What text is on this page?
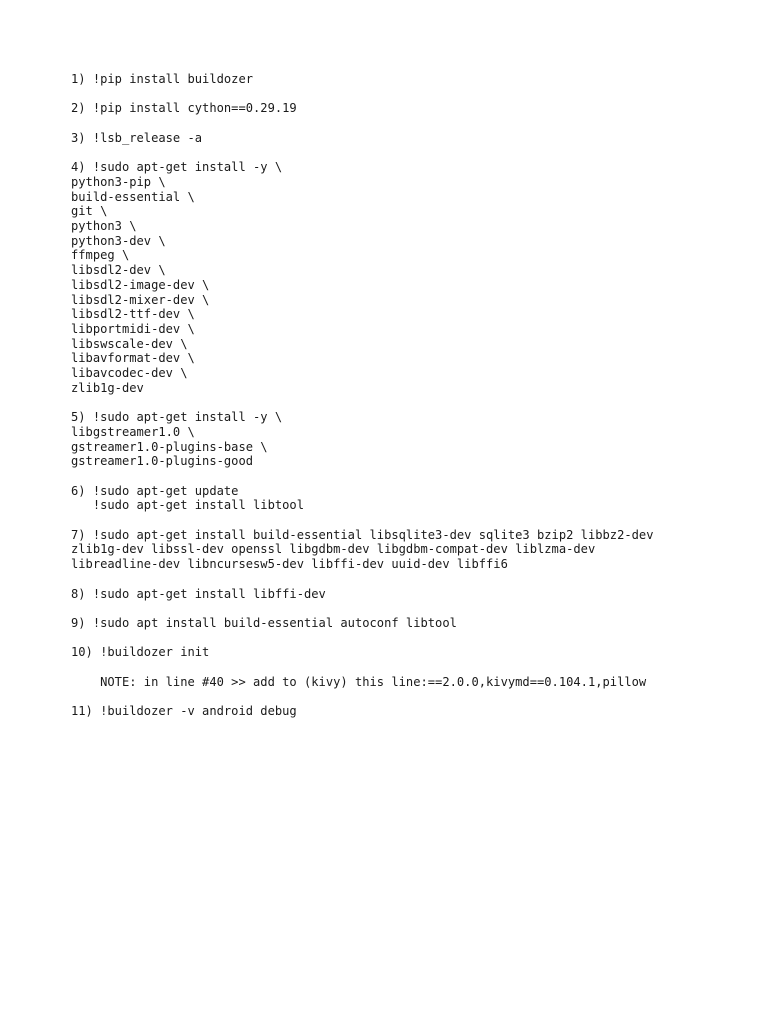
1) !pip install buildozer
2) !pip install cython==0.29.19
3) !lsb_release -a
4) !sudo apt-get install -y \
python3-pip \
build-essential \
git \
python3 \
python3-dev \
ffmpeg \
libsdl2-dev \
libsdl2-image-dev \
libsdl2-mixer-dev \
libsdl2-ttf-dev \
libportmidi-dev \
libswscale-dev \
libavformat-dev \
libavcodec-dev \
zlib1g-dev
5) !sudo apt-get install -y \
libgstreamer1.0 \
gstreamer1.0-plugins-base \
gstreamer1.0-plugins-good
6) !sudo apt-get update
!sudo apt-get install libtool
7) !sudo apt-get install build-essential libsqlite3-dev sqlite3 bzip2 libbz2-dev
zlib1g-dev libssl-dev openssl libgdbm-dev libgdbm-compat-dev liblzma-dev
libreadline-dev libncursesw5-dev libffi-dev uuid-dev libffi6
8) !sudo apt-get install libffi-dev
9) !sudo apt install build-essential autoconf libtool
10) !buildozer init
NOTE: in line #40 >> add to (kivy) this line:==2.0.0,kivymd==0.104.1,pillow
11) !buildozer -v android debug
